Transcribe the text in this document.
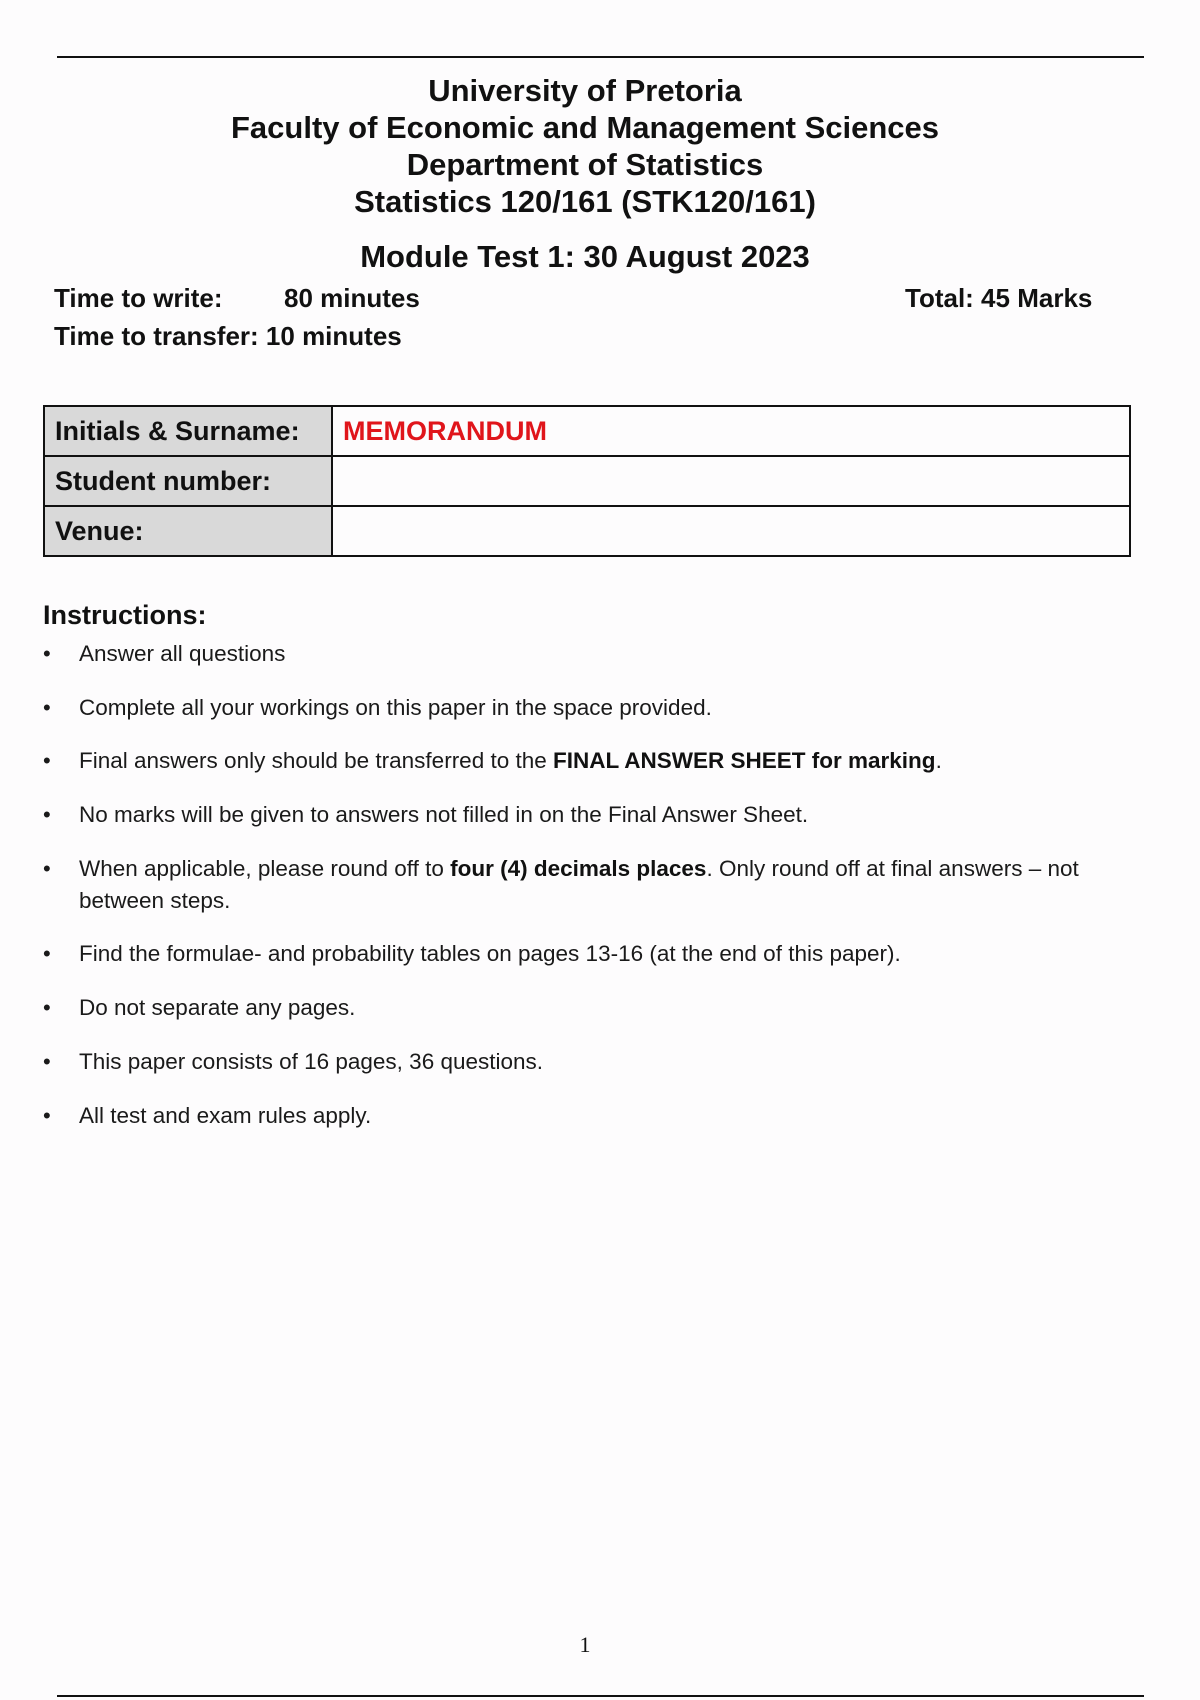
University of Pretoria
Faculty of Economic and Management Sciences
Department of Statistics
Statistics 120/161 (STK120/161)
Module Test 1: 30 August 2023
Time to write: 80 minutes
Time to transfer: 10 minutes
Total: 45 Marks
Initials & Surname:	MEMORANDUM
Student number:	
Venue:	
Instructions:
• Answer all questions
• Complete all your workings on this paper in the space provided.
• Final answers only should be transferred to the FINAL ANSWER SHEET for marking.
• No marks will be given to answers not filled in on the Final Answer Sheet.
• When applicable, please round off to four (4) decimals places. Only round off at final answers – not between steps.
• Find the formulae- and probability tables on pages 13-16 (at the end of this paper).
• Do not separate any pages.
• This paper consists of 16 pages, 36 questions.
• All test and exam rules apply.
1
